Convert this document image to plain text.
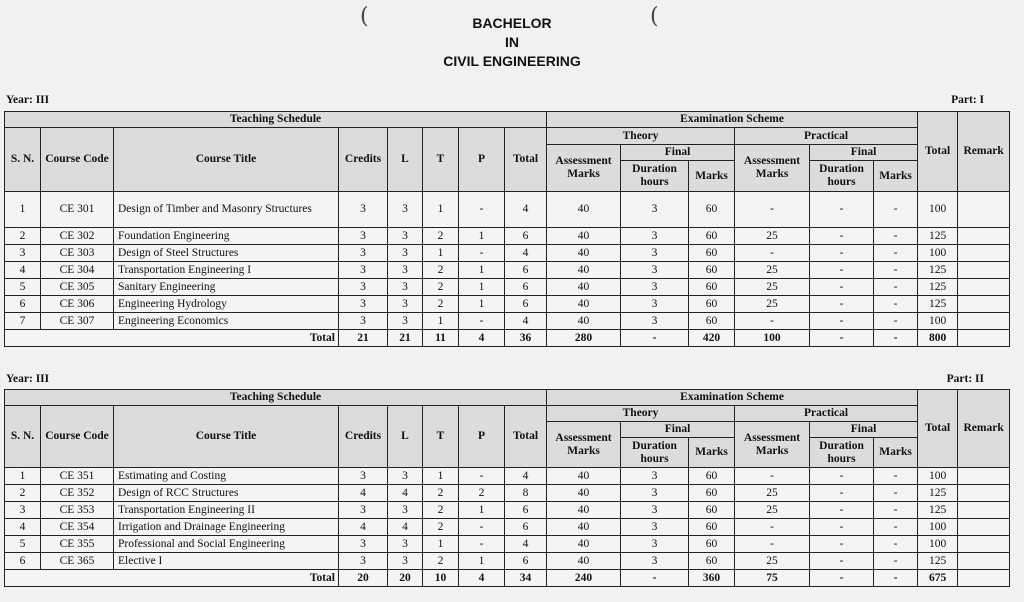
BACHELOR
IN
CIVIL ENGINEERING
(	(
Year: III	Part: I
Teaching Schedule								Examination Scheme						Total	Remark
S. N.	Course Code	Course Title	Credits	L	T	P	Total	Theory			Practical				
								Assessment Marks	Final		Assessment Marks	Final			
									Duration hours	Marks		Duration hours	Marks		
1	CE 301	Design of Timber and Masonry Structures	3	3	1	-	4	40	3	60	-	-	-	100	
2	CE 302	Foundation Engineering	3	3	2	1	6	40	3	60	25	-	-	125	
3	CE 303	Design of Steel Structures	3	3	1	-	4	40	3	60	-	-	-	100	
4	CE 304	Transportation Engineering I	3	3	2	1	6	40	3	60	25	-	-	125	
5	CE 305	Sanitary Engineering	3	3	2	1	6	40	3	60	25	-	-	125	
6	CE 306	Engineering Hydrology	3	3	2	1	6	40	3	60	25	-	-	125	
7	CE 307	Engineering Economics	3	3	1	-	4	40	3	60	-	-	-	100	
Total			21	21	11	4	36	280	-	420	100	-	-	800	
Year: III	Part: II
Teaching Schedule								Examination Scheme						Total	Remark
S. N.	Course Code	Course Title	Credits	L	T	P	Total	Theory			Practical				
								Assessment Marks	Final		Assessment Marks	Final			
									Duration hours	Marks		Duration hours	Marks		
1	CE 351	Estimating and Costing	3	3	1	-	4	40	3	60	-	-	-	100	
2	CE 352	Design of RCC Structures	4	4	2	2	8	40	3	60	25	-	-	125	
3	CE 353	Transportation Engineering II	3	3	2	1	6	40	3	60	25	-	-	125	
4	CE 354	Irrigation and Drainage Engineering	4	4	2	-	6	40	3	60	-	-	-	100	
5	CE 355	Professional and Social Engineering	3	3	1	-	4	40	3	60	-	-	-	100	
6	CE 365	Elective I	3	3	2	1	6	40	3	60	25	-	-	125	
Total			20	20	10	4	34	240	-	360	75	-	-	675	
